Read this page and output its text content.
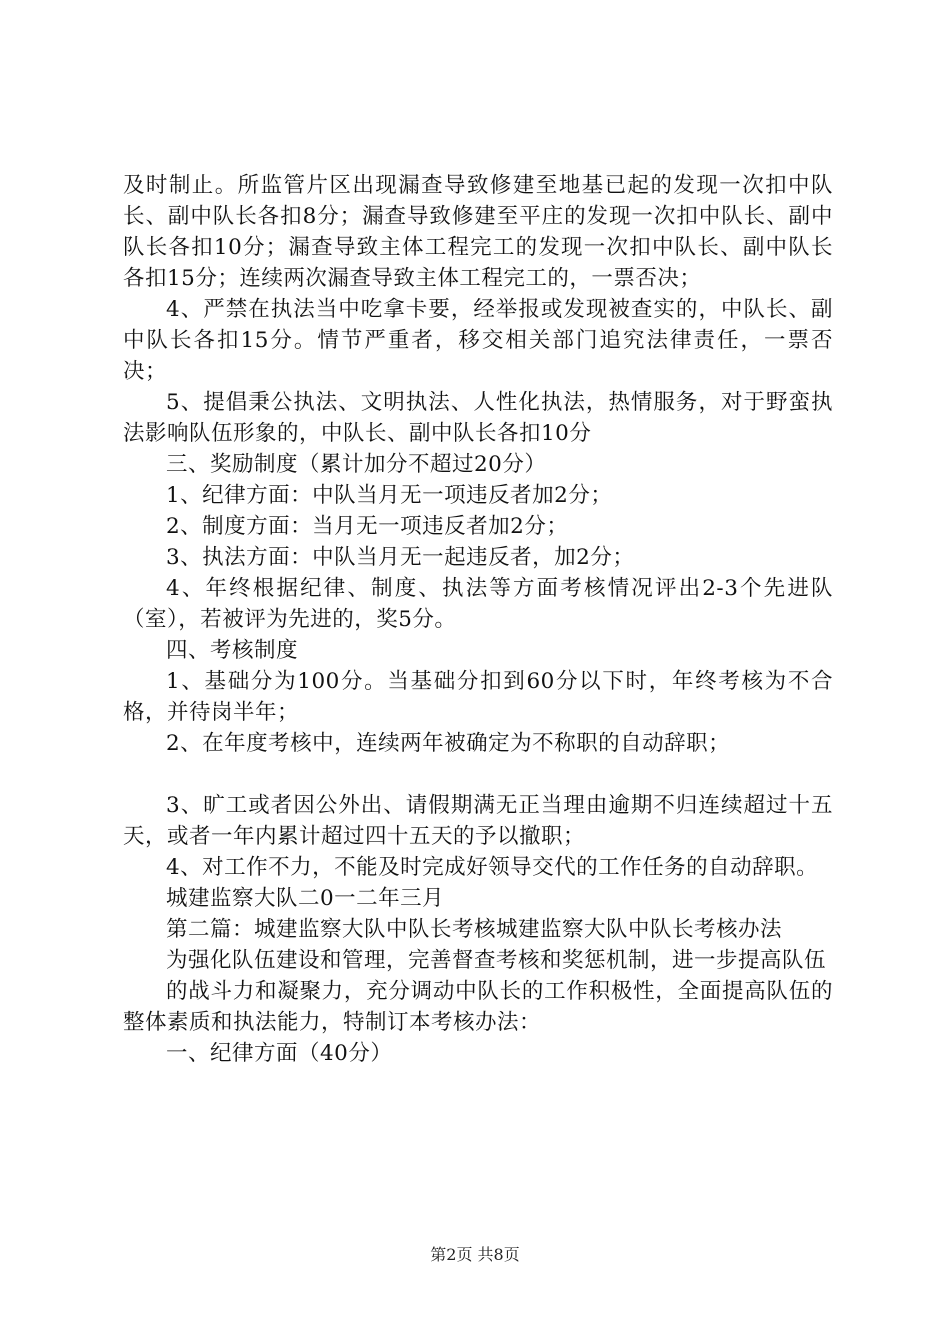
及时制止。所监管片区出现漏查导致修建至地基已起的发现一次扣中队长、副中队长各扣8分；漏查导致修建至平庄的发现一次扣中队长、副中队长各扣10分；漏查导致主体工程完工的发现一次扣中队长、副中队长各扣15分；连续两次漏查导致主体工程完工的，一票否决；

4、严禁在执法当中吃拿卡要，经举报或发现被查实的，中队长、副中队长各扣15分。情节严重者，移交相关部门追究法律责任，一票否决；

5、提倡秉公执法、文明执法、人性化执法，热情服务，对于野蛮执法影响队伍形象的，中队长、副中队长各扣10分

三、奖励制度（累计加分不超过20分）

1、纪律方面：中队当月无一项违反者加2分；

2、制度方面：当月无一项违反者加2分；

3、执法方面：中队当月无一起违反者，加2分；

4、年终根据纪律、制度、执法等方面考核情况评出2-3个先进队（室），若被评为先进的，奖5分。

四、考核制度

1、基础分为100分。当基础分扣到60分以下时，年终考核为不合格，并待岗半年；

2、在年度考核中，连续两年被确定为不称职的自动辞职；

3、旷工或者因公外出、请假期满无正当理由逾期不归连续超过十五天，或者一年内累计超过四十五天的予以撤职；

4、对工作不力，不能及时完成好领导交代的工作任务的自动辞职。

城建监察大队二0一二年三月

第二篇：城建监察大队中队长考核城建监察大队中队长考核办法

为强化队伍建设和管理，完善督查考核和奖惩机制，进一步提高队伍

的战斗力和凝聚力，充分调动中队长的工作积极性，全面提高队伍的整体素质和执法能力，特制订本考核办法：

一、纪律方面（40分）

第2页 共8页
